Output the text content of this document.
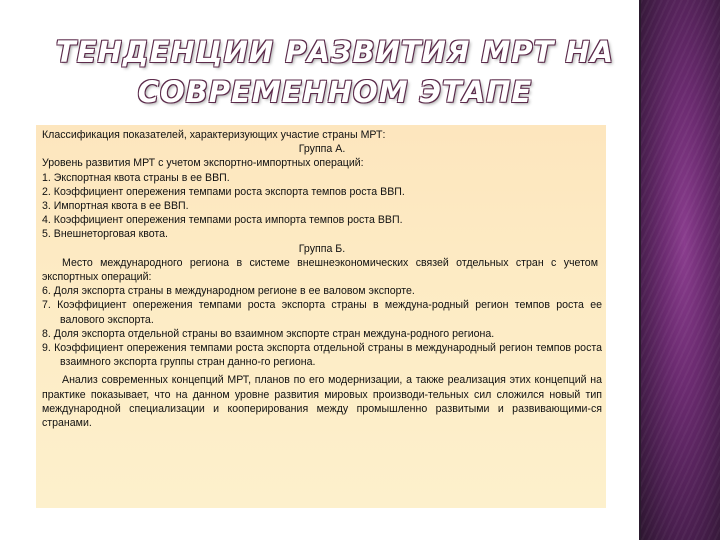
ТЕНДЕНЦИИ РАЗВИТИЯ МРТ НА
СОВРЕМЕННОМ ЭТАПЕ

Классификация показателей, характеризующих участие страны МРТ:

Группа А.

Уровень развития МРТ с учетом экспортно-импортных операций:

1. Экспортная квота страны в ее ВВП.

2. Коэффициент опережения темпами роста экспорта темпов роста ВВП.

3. Импортная квота в ее ВВП.

4. Коэффициент опережения темпами роста импорта темпов роста ВВП.

5. Внешнеторговая квота.

Группа Б.

Место международного региона в системе внешнеэкономических связей отдельных стран с учетом экспортных операций:

6. Доля экспорта страны в международном регионе в ее валовом экспорте.

7. Коэффициент опережения темпами роста экспорта страны в междуна-родный регион темпов роста ее валового экспорта.

8. Доля экспорта отдельной страны во взаимном экспорте стран междуна-родного региона.

9. Коэффициент опережения темпами роста экспорта отдельной страны в международный регион темпов роста взаимного экспорта группы стран данно-го региона.

Анализ современных концепций МРТ, планов по его модернизации, а также реализация этих концепций на практике показывает, что на данном уровне развития мировых производи-тельных сил сложился новый тип международной специализации и кооперирования между промышленно развитыми и развивающими-ся странами.
